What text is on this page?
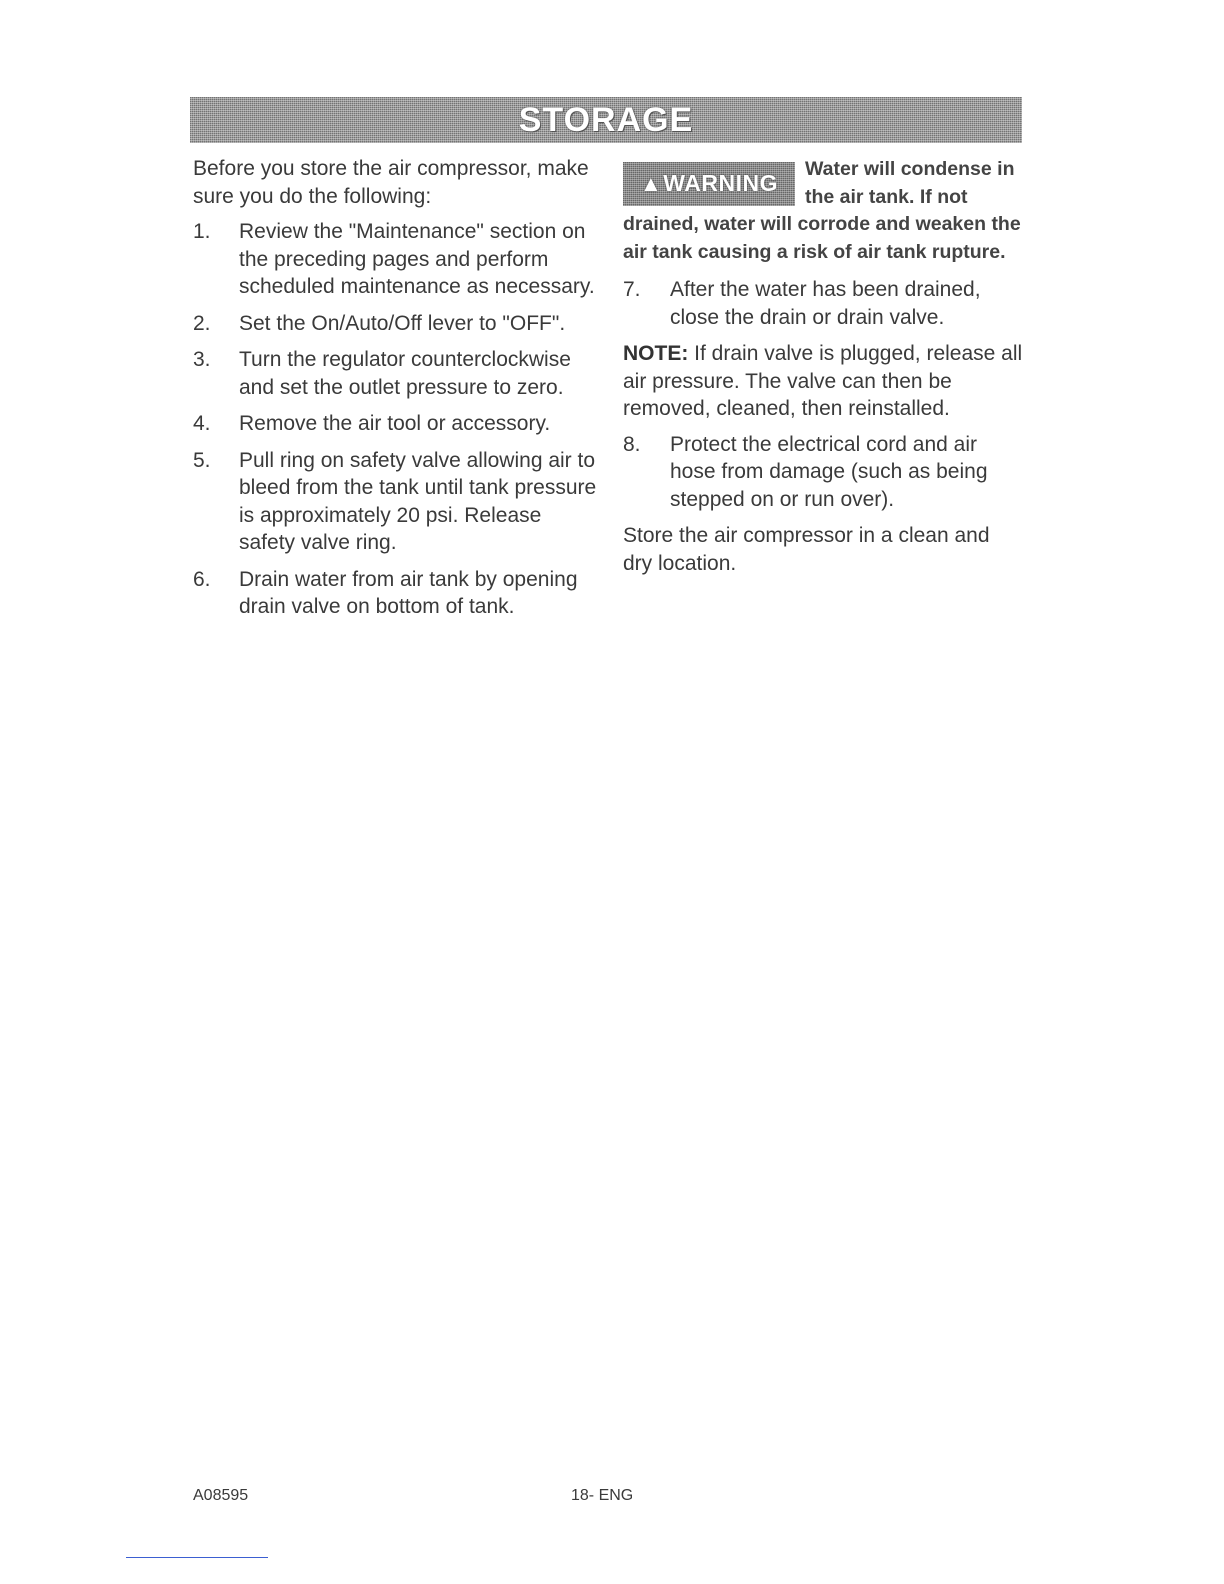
STORAGE

Before you store the air compressor, make sure you do the following:

1. Review the "Maintenance" section on the preceding pages and perform scheduled maintenance as necessary.
2. Set the On/Auto/Off lever to "OFF".
3. Turn the regulator counterclockwise and set the outlet pressure to zero.
4. Remove the air tool or accessory.
5. Pull ring on safety valve allowing air to bleed from the tank until tank pressure is approximately 20 psi. Release safety valve ring.
6. Drain water from air tank by opening drain valve on bottom of tank.
▲ WARNING
Water will condense in the air tank. If not drained, water will corrode and weaken the air tank causing a risk of air tank rupture.
7. After the water has been drained, close the drain or drain valve.

NOTE: If drain valve is plugged, release all air pressure. The valve can then be removed, cleaned, then reinstalled.

8. Protect the electrical cord and air hose from damage (such as being stepped on or run over).

Store the air compressor in a clean and dry location.

A08595	18- ENG
